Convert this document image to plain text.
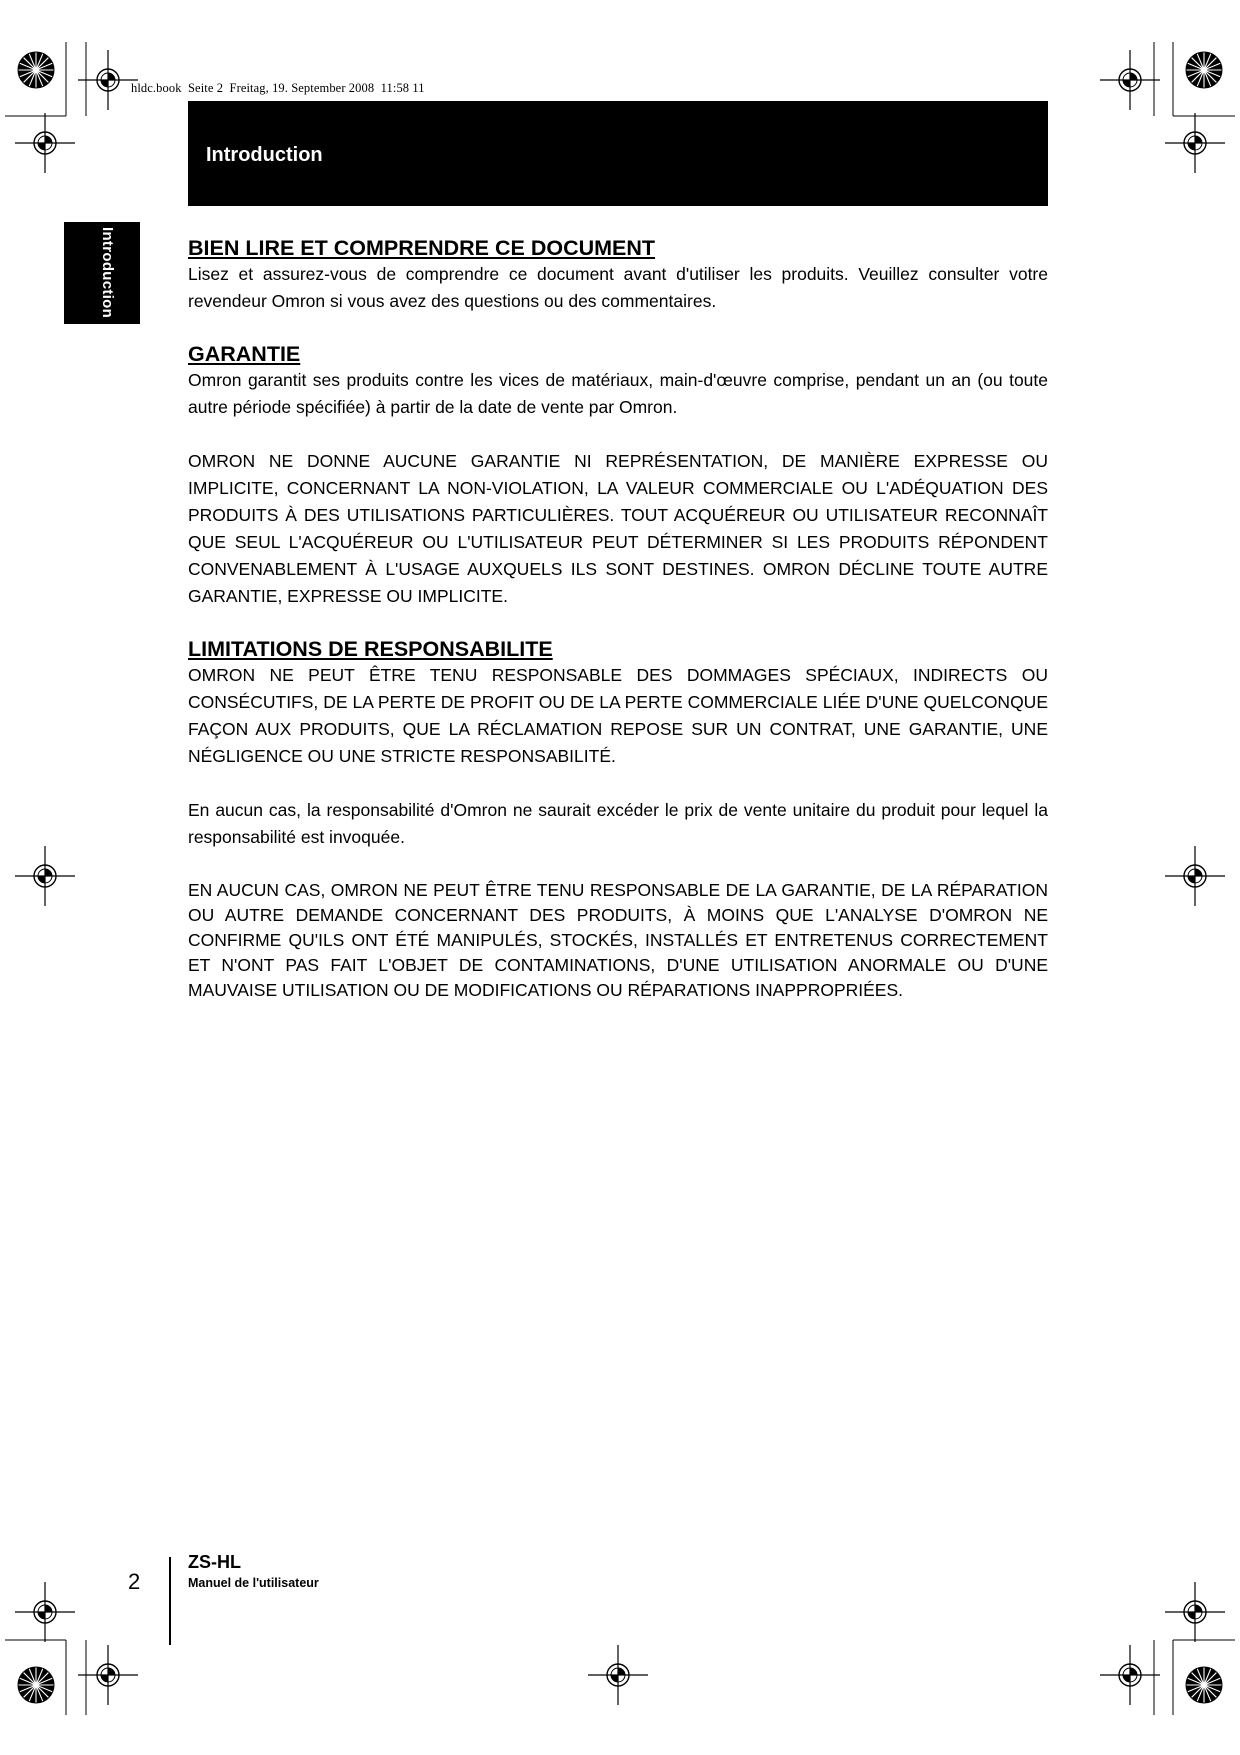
hldc.book  Seite 2  Freitag, 19. September 2008  11:58 11
Introduction
Introduction	BIEN LIRE ET COMPRENDRE CE DOCUMENT

Lisez et assurez-vous de comprendre ce document avant d'utiliser les produits. Veuillez consulter votre revendeur Omron si vous avez des questions ou des commentaires.

GARANTIE

Omron garantit ses produits contre les vices de matériaux, main-d'œuvre comprise, pendant un an (ou toute autre période spécifiée) à partir de la date de vente par Omron.

OMRON NE DONNE AUCUNE GARANTIE NI REPRÉSENTATION, DE MANIÈRE EXPRESSE OU IMPLICITE, CONCERNANT LA NON-VIOLATION, LA VALEUR COMMERCIALE OU L'ADÉQUATION DES PRODUITS À DES UTILISATIONS PARTICULIÈRES. TOUT ACQUÉREUR OU UTILISATEUR RECONNAÎT QUE SEUL L'ACQUÉREUR OU L'UTILISATEUR PEUT DÉTERMINER SI LES PRODUITS RÉPONDENT CONVENABLEMENT À L'USAGE AUXQUELS ILS SONT DESTINES. OMRON DÉCLINE TOUTE AUTRE GARANTIE, EXPRESSE OU IMPLICITE.

LIMITATIONS DE RESPONSABILITE

OMRON NE PEUT ÊTRE TENU RESPONSABLE DES DOMMAGES SPÉCIAUX, INDIRECTS OU CONSÉCUTIFS, DE LA PERTE DE PROFIT OU DE LA PERTE COMMERCIALE LIÉE D'UNE QUELCONQUE FAÇON AUX PRODUITS, QUE LA RÉCLAMATION REPOSE SUR UN CONTRAT, UNE GARANTIE, UNE NÉGLIGENCE OU UNE STRICTE RESPONSABILITÉ.

En aucun cas, la responsabilité d'Omron ne saurait excéder le prix de vente unitaire du produit pour lequel la responsabilité est invoquée.

EN AUCUN CAS, OMRON NE PEUT ÊTRE TENU RESPONSABLE DE LA GARANTIE, DE LA RÉPARATION OU AUTRE DEMANDE CONCERNANT DES PRODUITS, À MOINS QUE L'ANALYSE D'OMRON NE CONFIRME QU'ILS ONT ÉTÉ MANIPULÉS, STOCKÉS, INSTALLÉS ET ENTRETENUS CORRECTEMENT ET N'ONT PAS FAIT L'OBJET DE CONTAMINATIONS, D'UNE UTILISATION ANORMALE OU D'UNE MAUVAISE UTILISATION OU DE MODIFICATIONS OU RÉPARATIONS INAPPROPRIÉES.

2
ZS-HL
Manuel de l'utilisateur
